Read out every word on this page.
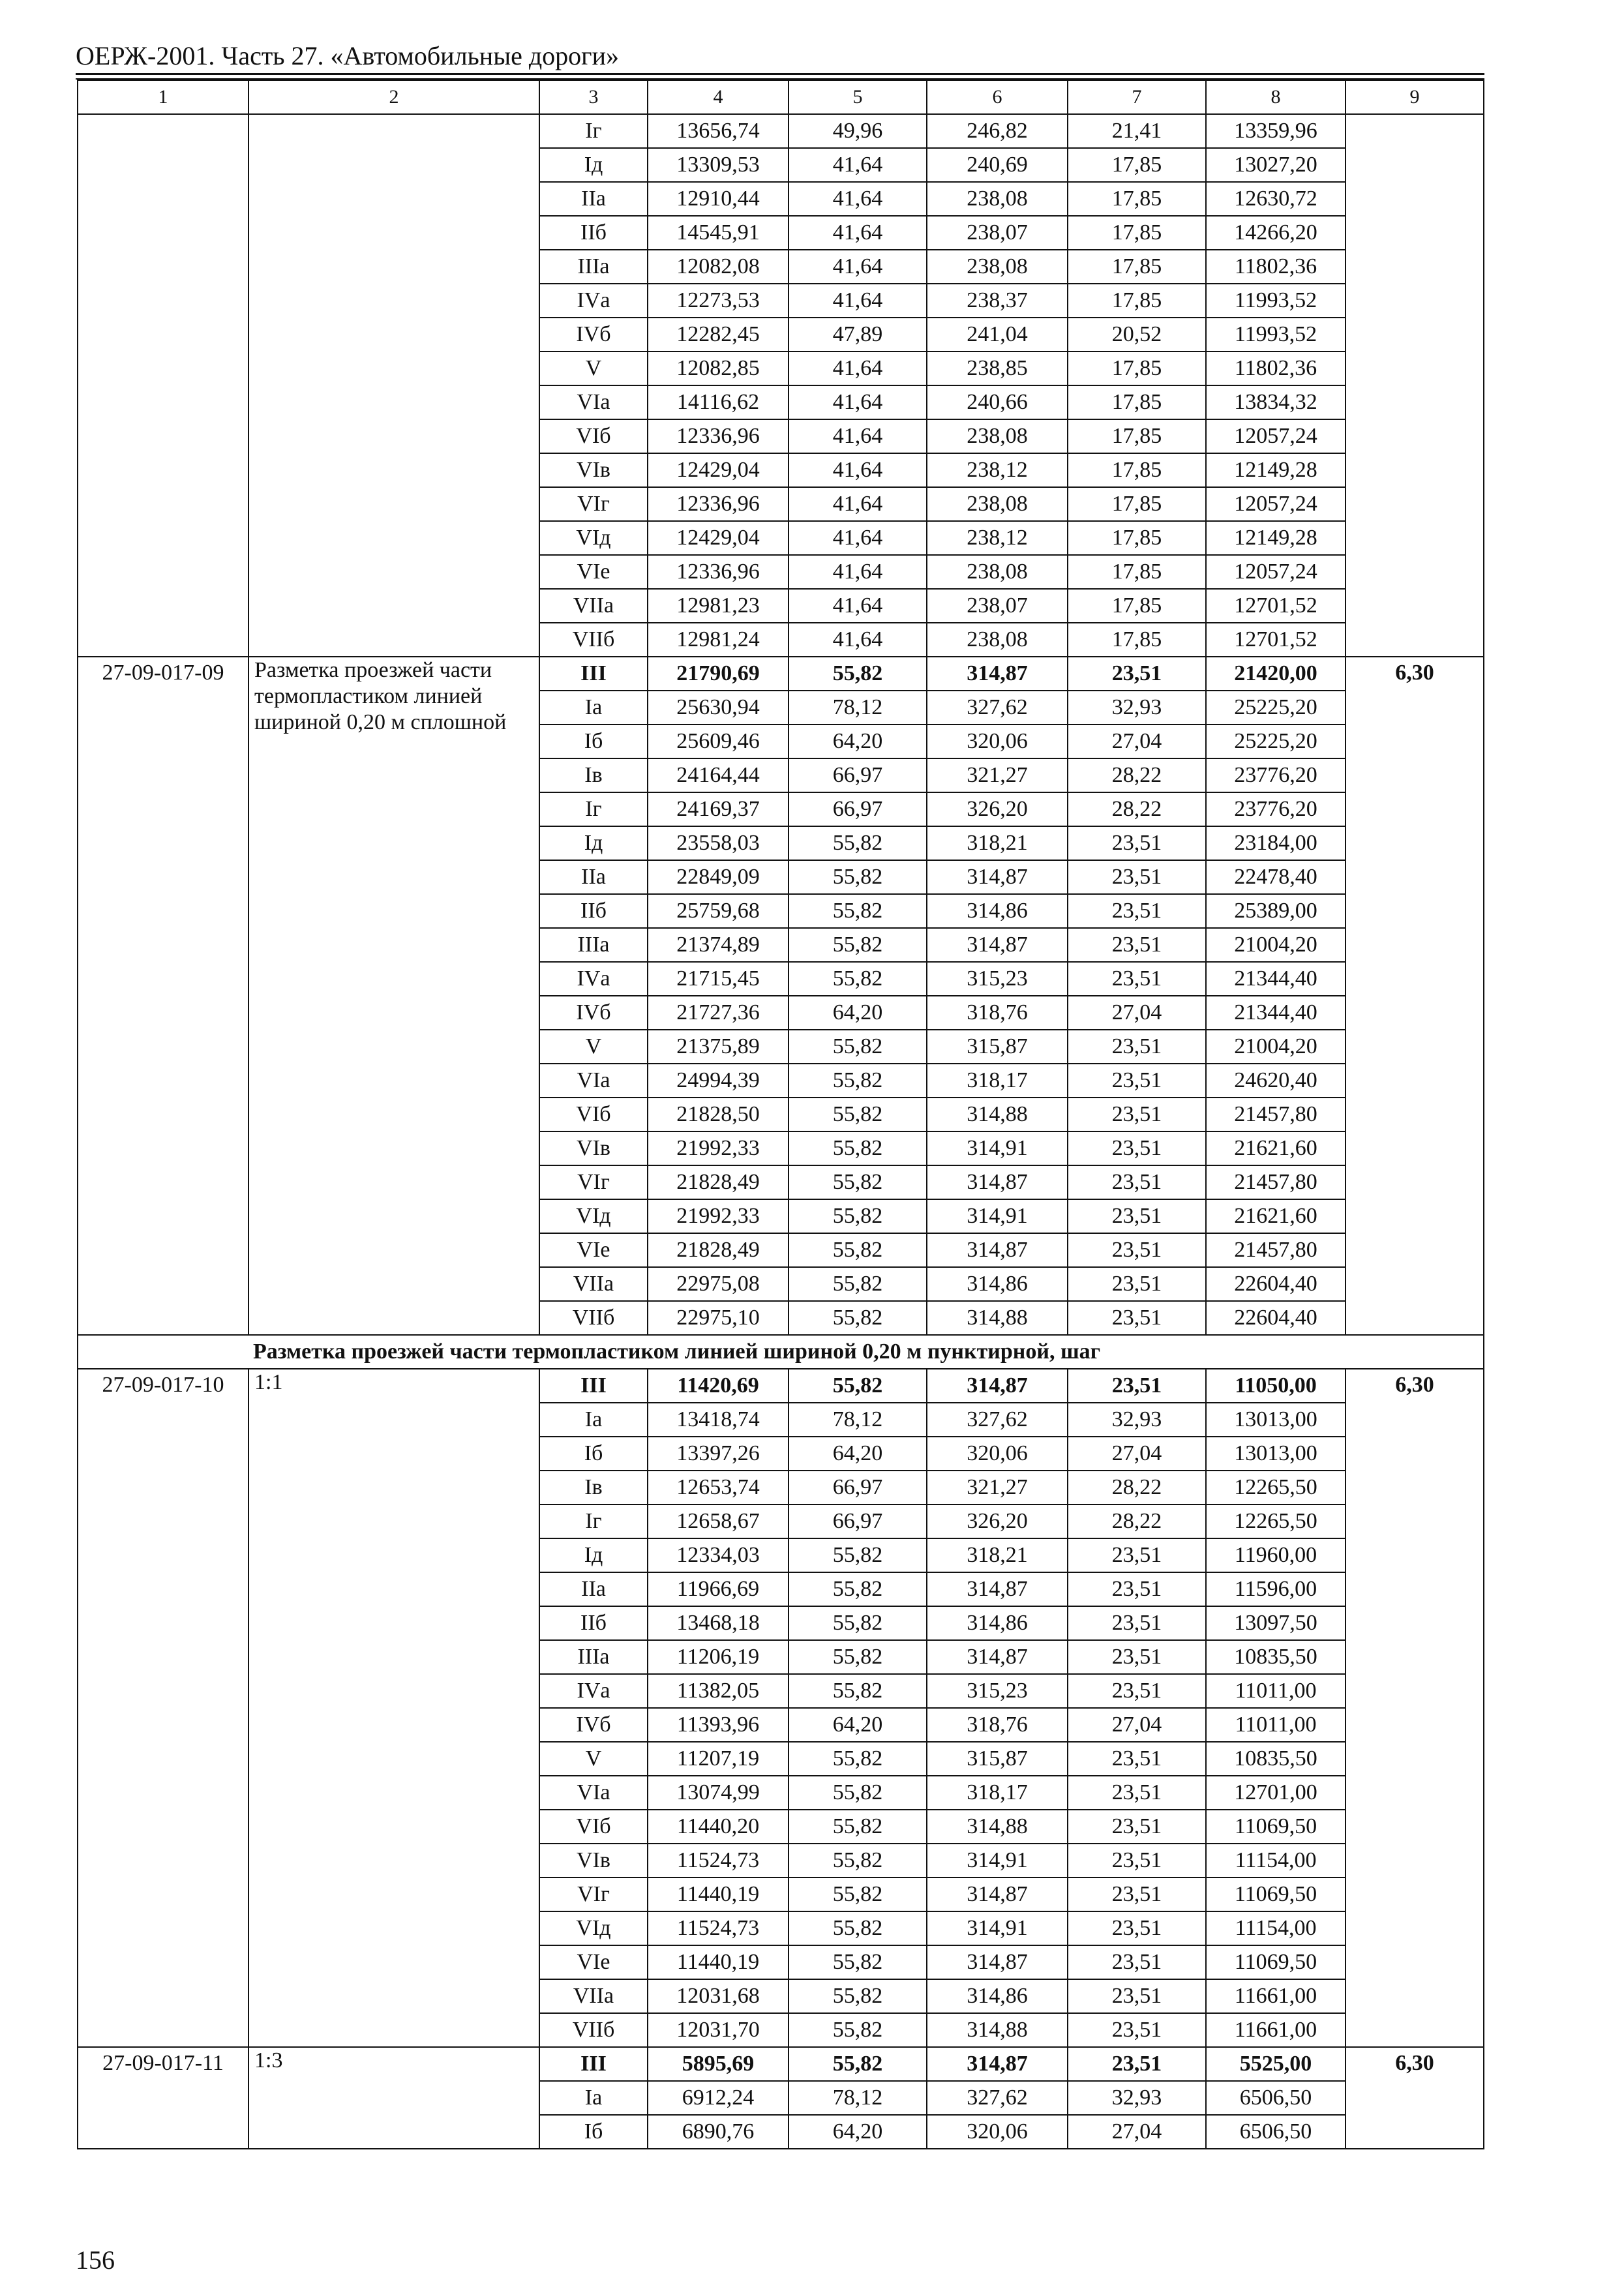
ОЕРЖ-2001. Часть 27. «Автомобильные дороги»
1	2	3	4	5	6	7	8	9
		Iг	13656,74	49,96	246,82	21,41	13359,96	
		Iд	13309,53	41,64	240,69	17,85	13027,20	
		IIа	12910,44	41,64	238,08	17,85	12630,72	
		IIб	14545,91	41,64	238,07	17,85	14266,20	
		IIIа	12082,08	41,64	238,08	17,85	11802,36	
		IVа	12273,53	41,64	238,37	17,85	11993,52	
		IVб	12282,45	47,89	241,04	20,52	11993,52	
		V	12082,85	41,64	238,85	17,85	11802,36	
		VIа	14116,62	41,64	240,66	17,85	13834,32	
		VIб	12336,96	41,64	238,08	17,85	12057,24	
		VIв	12429,04	41,64	238,12	17,85	12149,28	
		VIг	12336,96	41,64	238,08	17,85	12057,24	
		VIд	12429,04	41,64	238,12	17,85	12149,28	
		VIе	12336,96	41,64	238,08	17,85	12057,24	
		VIIа	12981,23	41,64	238,07	17,85	12701,52	
		VIIб	12981,24	41,64	238,08	17,85	12701,52	
27-09-017-09	Разметка проезжей части термопластиком линией шириной 0,20 м сплошной	III	21790,69	55,82	314,87	23,51	21420,00	6,30
		Iа	25630,94	78,12	327,62	32,93	25225,20	
		Iб	25609,46	64,20	320,06	27,04	25225,20	
		Iв	24164,44	66,97	321,27	28,22	23776,20	
		Iг	24169,37	66,97	326,20	28,22	23776,20	
		Iд	23558,03	55,82	318,21	23,51	23184,00	
		IIа	22849,09	55,82	314,87	23,51	22478,40	
		IIб	25759,68	55,82	314,86	23,51	25389,00	
		IIIа	21374,89	55,82	314,87	23,51	21004,20	
		IVа	21715,45	55,82	315,23	23,51	21344,40	
		IVб	21727,36	64,20	318,76	27,04	21344,40	
		V	21375,89	55,82	315,87	23,51	21004,20	
		VIа	24994,39	55,82	318,17	23,51	24620,40	
		VIб	21828,50	55,82	314,88	23,51	21457,80	
		VIв	21992,33	55,82	314,91	23,51	21621,60	
		VIг	21828,49	55,82	314,87	23,51	21457,80	
		VIд	21992,33	55,82	314,91	23,51	21621,60	
		VIе	21828,49	55,82	314,87	23,51	21457,80	
		VIIа	22975,08	55,82	314,86	23,51	22604,40	
		VIIб	22975,10	55,82	314,88	23,51	22604,40	
Разметка проезжей части термопластиком линией шириной 0,20 м пунктирной, шаг								
27-09-017-10	1:1	III	11420,69	55,82	314,87	23,51	11050,00	6,30
		Iа	13418,74	78,12	327,62	32,93	13013,00	
		Iб	13397,26	64,20	320,06	27,04	13013,00	
		Iв	12653,74	66,97	321,27	28,22	12265,50	
		Iг	12658,67	66,97	326,20	28,22	12265,50	
		Iд	12334,03	55,82	318,21	23,51	11960,00	
		IIа	11966,69	55,82	314,87	23,51	11596,00	
		IIб	13468,18	55,82	314,86	23,51	13097,50	
		IIIа	11206,19	55,82	314,87	23,51	10835,50	
		IVа	11382,05	55,82	315,23	23,51	11011,00	
		IVб	11393,96	64,20	318,76	27,04	11011,00	
		V	11207,19	55,82	315,87	23,51	10835,50	
		VIа	13074,99	55,82	318,17	23,51	12701,00	
		VIб	11440,20	55,82	314,88	23,51	11069,50	
		VIв	11524,73	55,82	314,91	23,51	11154,00	
		VIг	11440,19	55,82	314,87	23,51	11069,50	
		VIд	11524,73	55,82	314,91	23,51	11154,00	
		VIе	11440,19	55,82	314,87	23,51	11069,50	
		VIIа	12031,68	55,82	314,86	23,51	11661,00	
		VIIб	12031,70	55,82	314,88	23,51	11661,00	
27-09-017-11	1:3	III	5895,69	55,82	314,87	23,51	5525,00	6,30
		Iа	6912,24	78,12	327,62	32,93	6506,50	
		Iб	6890,76	64,20	320,06	27,04	6506,50	
156
